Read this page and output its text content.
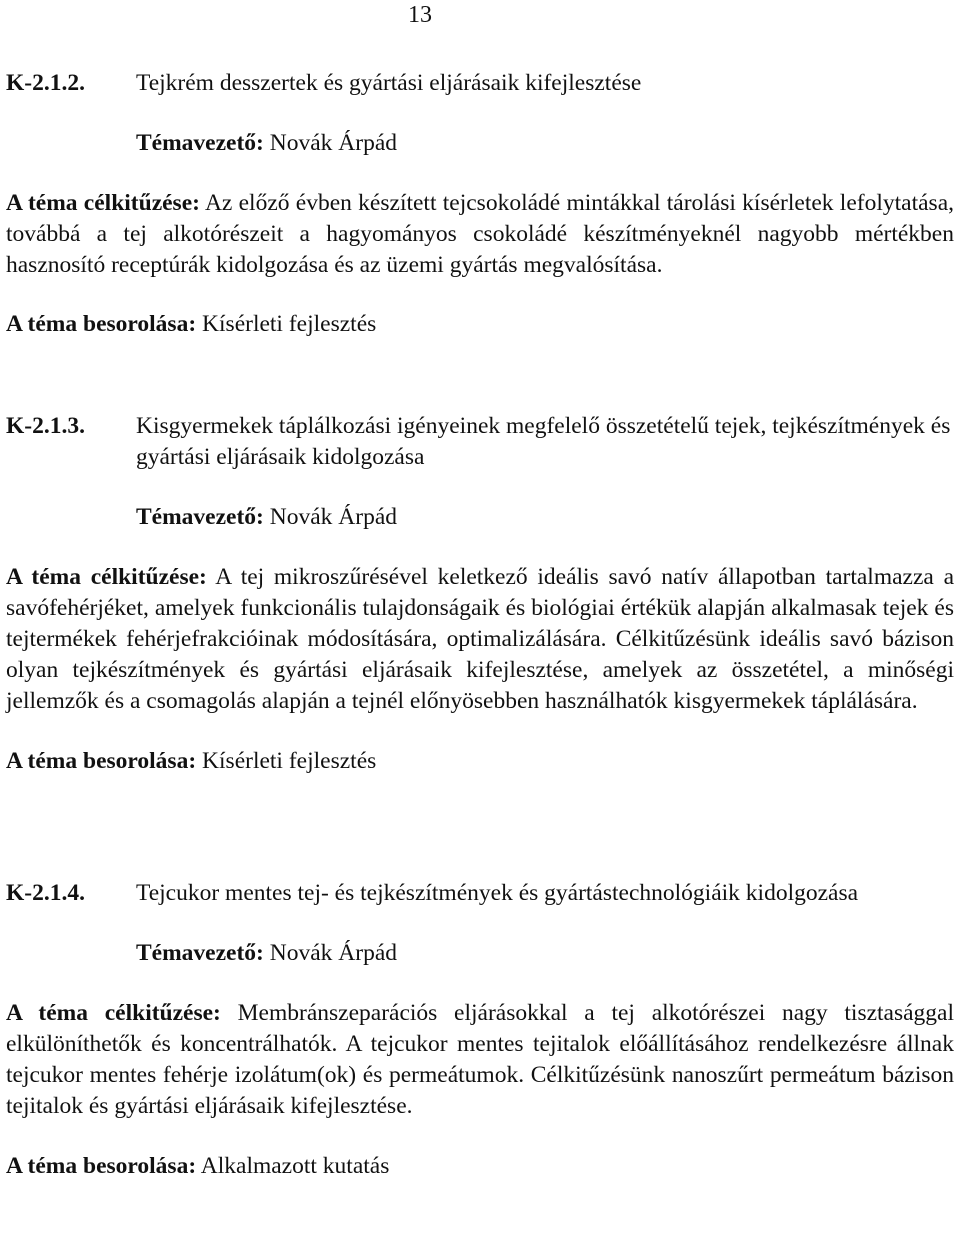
13
K-2.1.2.	Tejkrém desszertek és gyártási eljárásaik kifejlesztése
Témavezető: Novák Árpád
A téma célkitűzése: Az előző évben készített tejcsokoládé mintákkal tárolási kísérletek lefolytatása, továbbá a tej alkotórészeit a hagyományos csokoládé készítményeknél nagyobb mértékben hasznosító receptúrák kidolgozása és az üzemi gyártás megvalósítása.
A téma besorolása: Kísérleti fejlesztés
K-2.1.3.	Kisgyermekek táplálkozási igényeinek megfelelő összetételű tejek, tejkészítmények és gyártási eljárásaik kidolgozása
Témavezető: Novák Árpád
A téma célkitűzése: A tej mikroszűrésével keletkező ideális savó natív állapotban tartalmazza a savófehérjéket, amelyek funkcionális tulajdonságaik és biológiai értékük alapján alkalmasak tejek és tejtermékek fehérjefrakcióinak módosítására, optimalizálására. Célkitűzésünk ideális savó bázison olyan tejkészítmények és gyártási eljárásaik kifejlesztése, amelyek az összetétel, a minőségi jellemzők és a csomagolás alapján a tejnél előnyösebben használhatók kisgyermekek táplálására.
A téma besorolása: Kísérleti fejlesztés
K-2.1.4.	Tejcukor mentes tej- és tejkészítmények és gyártástechnológiáik kidolgozása
Témavezető: Novák Árpád
A téma célkitűzése: Membránszeparációs eljárásokkal a tej alkotórészei nagy tisztasággal elkülöníthetők és koncentrálhatók. A tejcukor mentes tejitalok előállításához rendelkezésre állnak tejcukor mentes fehérje izolátum(ok) és permeátumok. Célkitűzésünk nanoszűrt permeátum bázison tejitalok és gyártási eljárásaik kifejlesztése.
A téma besorolása: Alkalmazott kutatás
